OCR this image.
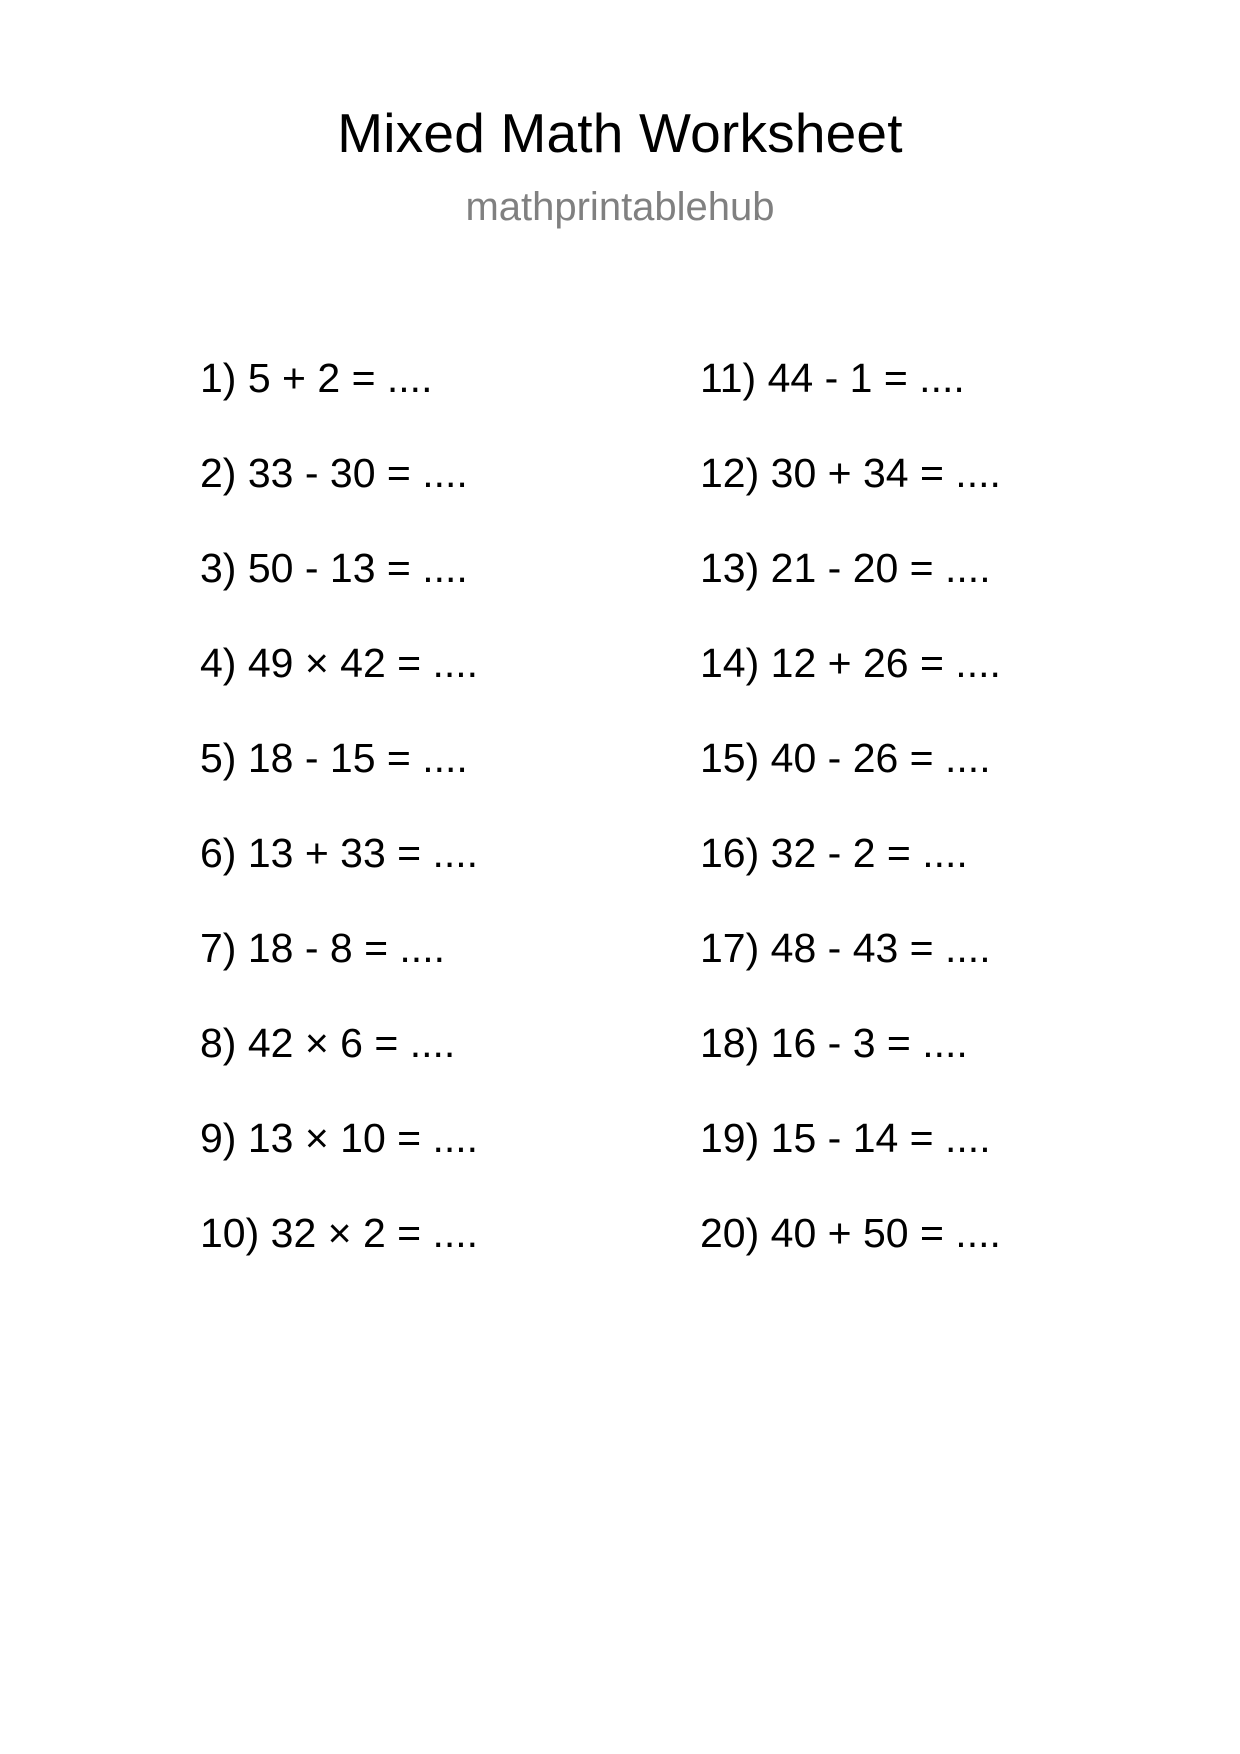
Mixed Math Worksheet
mathprintablehub
1) 5 + 2 = ....
2) 33 - 30 = ....
3) 50 - 13 = ....
4) 49 × 42 = ....
5) 18 - 15 = ....
6) 13 + 33 = ....
7) 18 - 8 = ....
8) 42 × 6 = ....
9) 13 × 10 = ....
10) 32 × 2 = ....
11) 44 - 1 = ....
12) 30 + 34 = ....
13) 21 - 20 = ....
14) 12 + 26 = ....
15) 40 - 26 = ....
16) 32 - 2 = ....
17) 48 - 43 = ....
18) 16 - 3 = ....
19) 15 - 14 = ....
20) 40 + 50 = ....
